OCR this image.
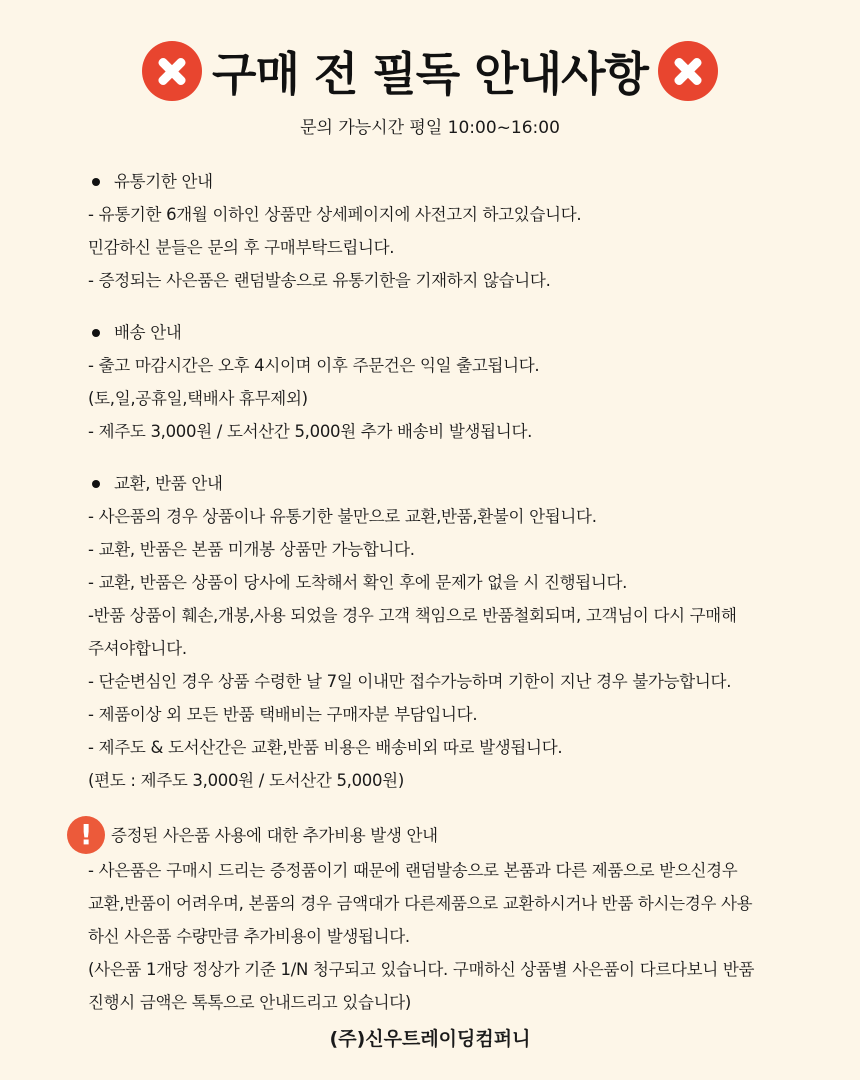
구매 전 필독 안내사항
문의 가능시간 평일 10:00~16:00
유통기한 안내
- 유통기한 6개월 이하인 상품만 상세페이지에 사전고지 하고있습니다.
민감하신 분들은 문의 후 구매부탁드립니다.
- 증정되는 사은품은 랜덤발송으로 유통기한을 기재하지 않습니다.
배송 안내
- 출고 마감시간은 오후 4시이며 이후 주문건은 익일 출고됩니다.
(토,일,공휴일,택배사 휴무제외)
- 제주도 3,000원 / 도서산간 5,000원 추가 배송비 발생됩니다.
교환, 반품 안내
- 사은품의 경우 상품이나 유통기한 불만으로 교환,반품,환불이 안됩니다.
- 교환, 반품은 본품 미개봉 상품만 가능합니다.
- 교환, 반품은 상품이 당사에 도착해서 확인 후에 문제가 없을 시 진행됩니다.
-반품 상품이 훼손,개봉,사용 되었을 경우 고객 책임으로 반품철회되며, 고객님이 다시 구매해
주셔야합니다.
- 단순변심인 경우 상품 수령한 날 7일 이내만 접수가능하며 기한이 지난 경우 불가능합니다.
- 제품이상 외 모든 반품 택배비는 구매자분 부담입니다.
- 제주도 & 도서산간은 교환,반품 비용은 배송비외 따로 발생됩니다.
(편도 : 제주도 3,000원 / 도서산간 5,000원)
!	증정된 사은품 사용에 대한 추가비용 발생 안내
- 사은품은 구매시 드리는 증정품이기 때문에 랜덤발송으로 본품과 다른 제품으로 받으신경우
교환,반품이 어려우며, 본품의 경우 금액대가 다른제품으로 교환하시거나 반품 하시는경우 사용
하신 사은품 수량만큼 추가비용이 발생됩니다.
(사은품 1개당 정상가 기준 1/N 청구되고 있습니다. 구매하신 상품별 사은품이 다르다보니 반품
진행시 금액은 톡톡으로 안내드리고 있습니다)
(주)신우트레이딩컴퍼니
